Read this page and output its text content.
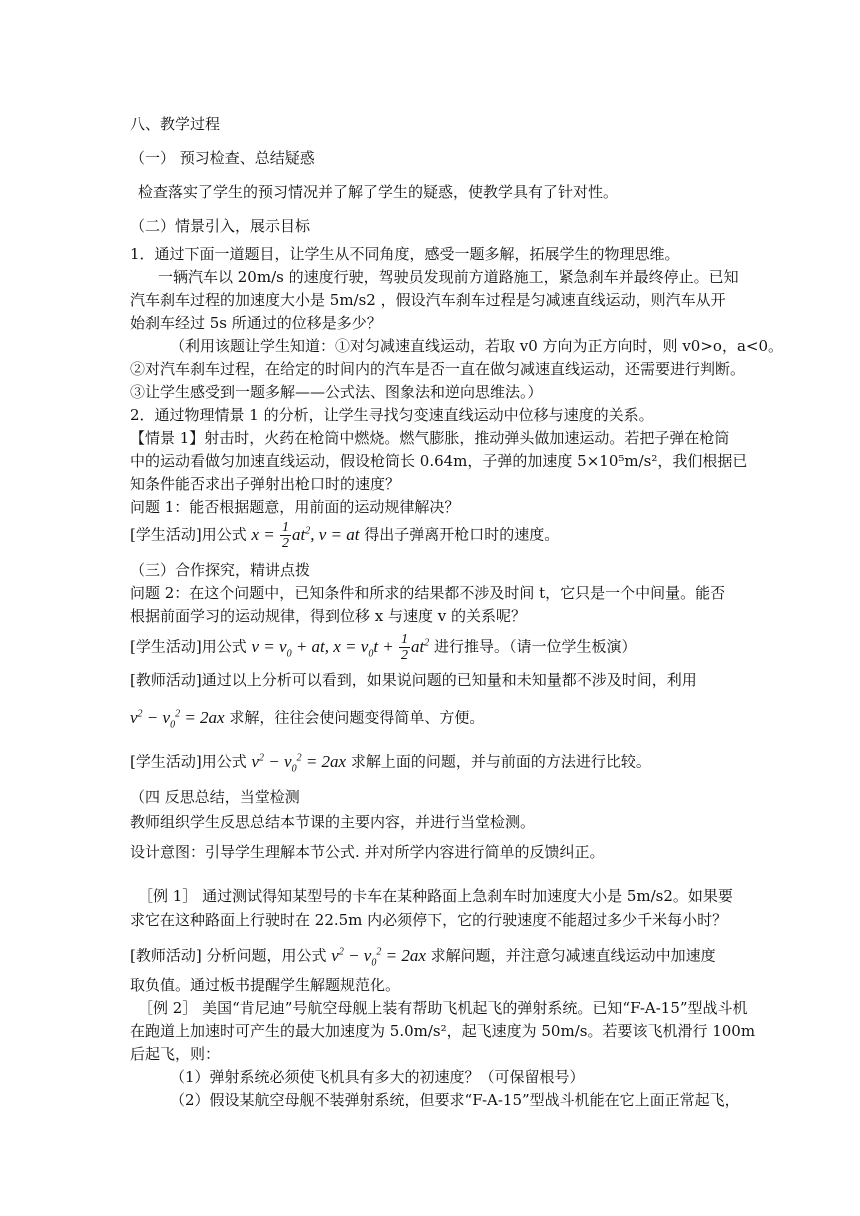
八、教学过程
（一） 预习检查、总结疑惑
检查落实了学生的预习情况并了解了学生的疑惑，使教学具有了针对性。
（二）情景引入，展示目标
1．通过下面一道题目，让学生从不同角度，感受一题多解，拓展学生的物理思维。
一辆汽车以 20m/s 的速度行驶，驾驶员发现前方道路施工，紧急刹车并最终停止。已知
汽车刹车过程的加速度大小是 5m/s2 ，假设汽车刹车过程是匀减速直线运动，则汽车从开
始刹车经过 5s 所通过的位移是多少？
（利用该题让学生知道：①对匀减速直线运动，若取 v0 方向为正方向时，则 v0>o，a<0。
②对汽车刹车过程，在给定的时间内的汽车是否一直在做匀减速直线运动，还需要进行判断。
③让学生感受到一题多解——公式法、图象法和逆向思维法。）
2．通过物理情景 1 的分析，让学生寻找匀变速直线运动中位移与速度的关系。
【情景 1】射击时，火药在枪筒中燃烧。燃气膨胀，推动弹头做加速运动。若把子弹在枪筒
中的运动看做匀加速直线运动，假设枪筒长 0.64m，子弹的加速度 5×10⁵m/s²，我们根据已
知条件能否求出子弹射出枪口时的速度？
问题 1：能否根据题意，用前面的运动规律解决？
[学生活动]用公式 $x = \frac{1}{2} at^2$, v = at 得出子弹离开枪口时的速度。
（三）合作探究，精讲点拨
问题 2：在这个问题中，已知条件和所求的结果都不涉及时间 t，它只是一个中间量。能否
根据前面学习的运动规律，得到位移 x 与速度 v 的关系呢？
[学生活动]用公式 $v = v_0$ + at, $x = v_0t + \frac{1}{2} at^2$ 进行推导。（请一位学生板演）
[教师活动]通过以上分析可以看到，如果说问题的已知量和未知量都不涉及时间，利用
$v^2 - v_0^2 = 2ax$ 求解，往往会使问题变得简单、方便。
[学生活动]用公式 $v^2 - v_0^2 = 2ax$ 求解上面的问题，并与前面的方法进行比较。
（四 反思总结，当堂检测
教师组织学生反思总结本节课的主要内容，并进行当堂检测。
设计意图：引导学生理解本节公式. 并对所学内容进行简单的反馈纠正。
［例 1］ 通过测试得知某型号的卡车在某种路面上急刹车时加速度大小是 5m/s2。如果要
求它在这种路面上行驶时在 22.5m 内必须停下，它的行驶速度不能超过多少千米每小时？
[教师活动] 分析问题，用公式 $v^2 - v_0^2 = 2ax$ 求解问题，并注意匀减速直线运动中加速度
取负值。通过板书提醒学生解题规范化。
［例 2］ 美国“肯尼迪”号航空母舰上装有帮助飞机起飞的弹射系统。已知“F-A-15”型战斗机
在跑道上加速时可产生的最大加速度为 5.0m/s²，起飞速度为 50m/s。若要该飞机滑行 100m
后起飞，则：
（1）弹射系统必须使飞机具有多大的初速度？（可保留根号）
（2）假设某航空母舰不装弹射系统，但要求“F-A-15”型战斗机能在它上面正常起飞，
